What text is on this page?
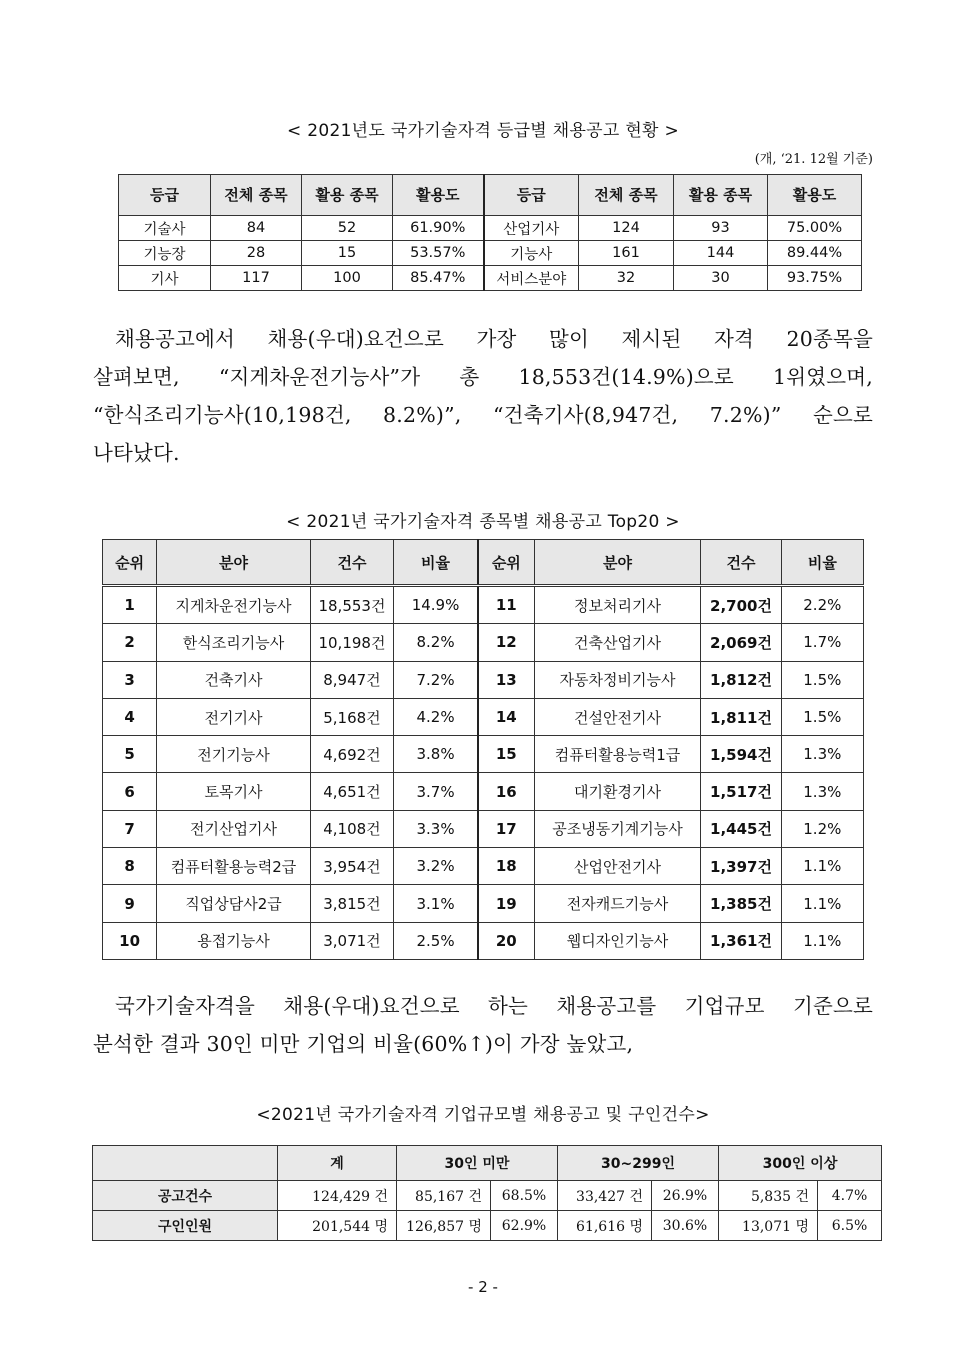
< 2021년도 국가기술자격 등급별 채용공고 현황 >
(개, ‘21. 12월 기준)
등급	전체 종목	활용 종목	활용도	등급	전체 종목	활용 종목	활용도
기술사	84	52	61.90%	산업기사	124	93	75.00%
기능장	28	15	53.57%	기능사	161	144	89.44%
기사	117	100	85.47%	서비스분야	32	30	93.75%

채용공고에서 채용(우대)요건으로 가장 많이 제시된 자격 20종목을
살펴보면, “지게차운전기능사”가 총 18,553건(14.9%)으로 1위였으며,
“한식조리기능사(10,198건, 8.2%)”, “건축기사(8,947건, 7.2%)” 순으로
나타났다.

< 2021년 국가기술자격 종목별 채용공고 Top20 >
순위	분야	건수	비율	순위	분야	건수	비율
1	지게차운전기능사	18,553건	14.9%	11	정보처리기사	2,700건	2.2%
2	한식조리기능사	10,198건	8.2%	12	건축산업기사	2,069건	1.7%
3	건축기사	8,947건	7.2%	13	자동차정비기능사	1,812건	1.5%
4	전기기사	5,168건	4.2%	14	건설안전기사	1,811건	1.5%
5	전기기능사	4,692건	3.8%	15	컴퓨터활용능력1급	1,594건	1.3%
6	토목기사	4,651건	3.7%	16	대기환경기사	1,517건	1.3%
7	전기산업기사	4,108건	3.3%	17	공조냉동기계기능사	1,445건	1.2%
8	컴퓨터활용능력2급	3,954건	3.2%	18	산업안전기사	1,397건	1.1%
9	직업상담사2급	3,815건	3.1%	19	전자캐드기능사	1,385건	1.1%
10	용접기능사	3,071건	2.5%	20	웹디자인기능사	1,361건	1.1%

국가기술자격을 채용(우대)요건으로 하는 채용공고를 기업규모 기준으로
분석한 결과 30인 미만 기업의 비율(60%↑)이 가장 높았고,

<2021년 국가기술자격 기업규모별 채용공고 및 구인건수>
	계	30인 미만		30~299인		300인 이상	
공고건수	124,429 건	85,167 건	68.5%	33,427 건	26.9%	5,835 건	4.7%
구인인원	201,544 명	126,857 명	62.9%	61,616 명	30.6%	13,071 명	6.5%
- 2 -
